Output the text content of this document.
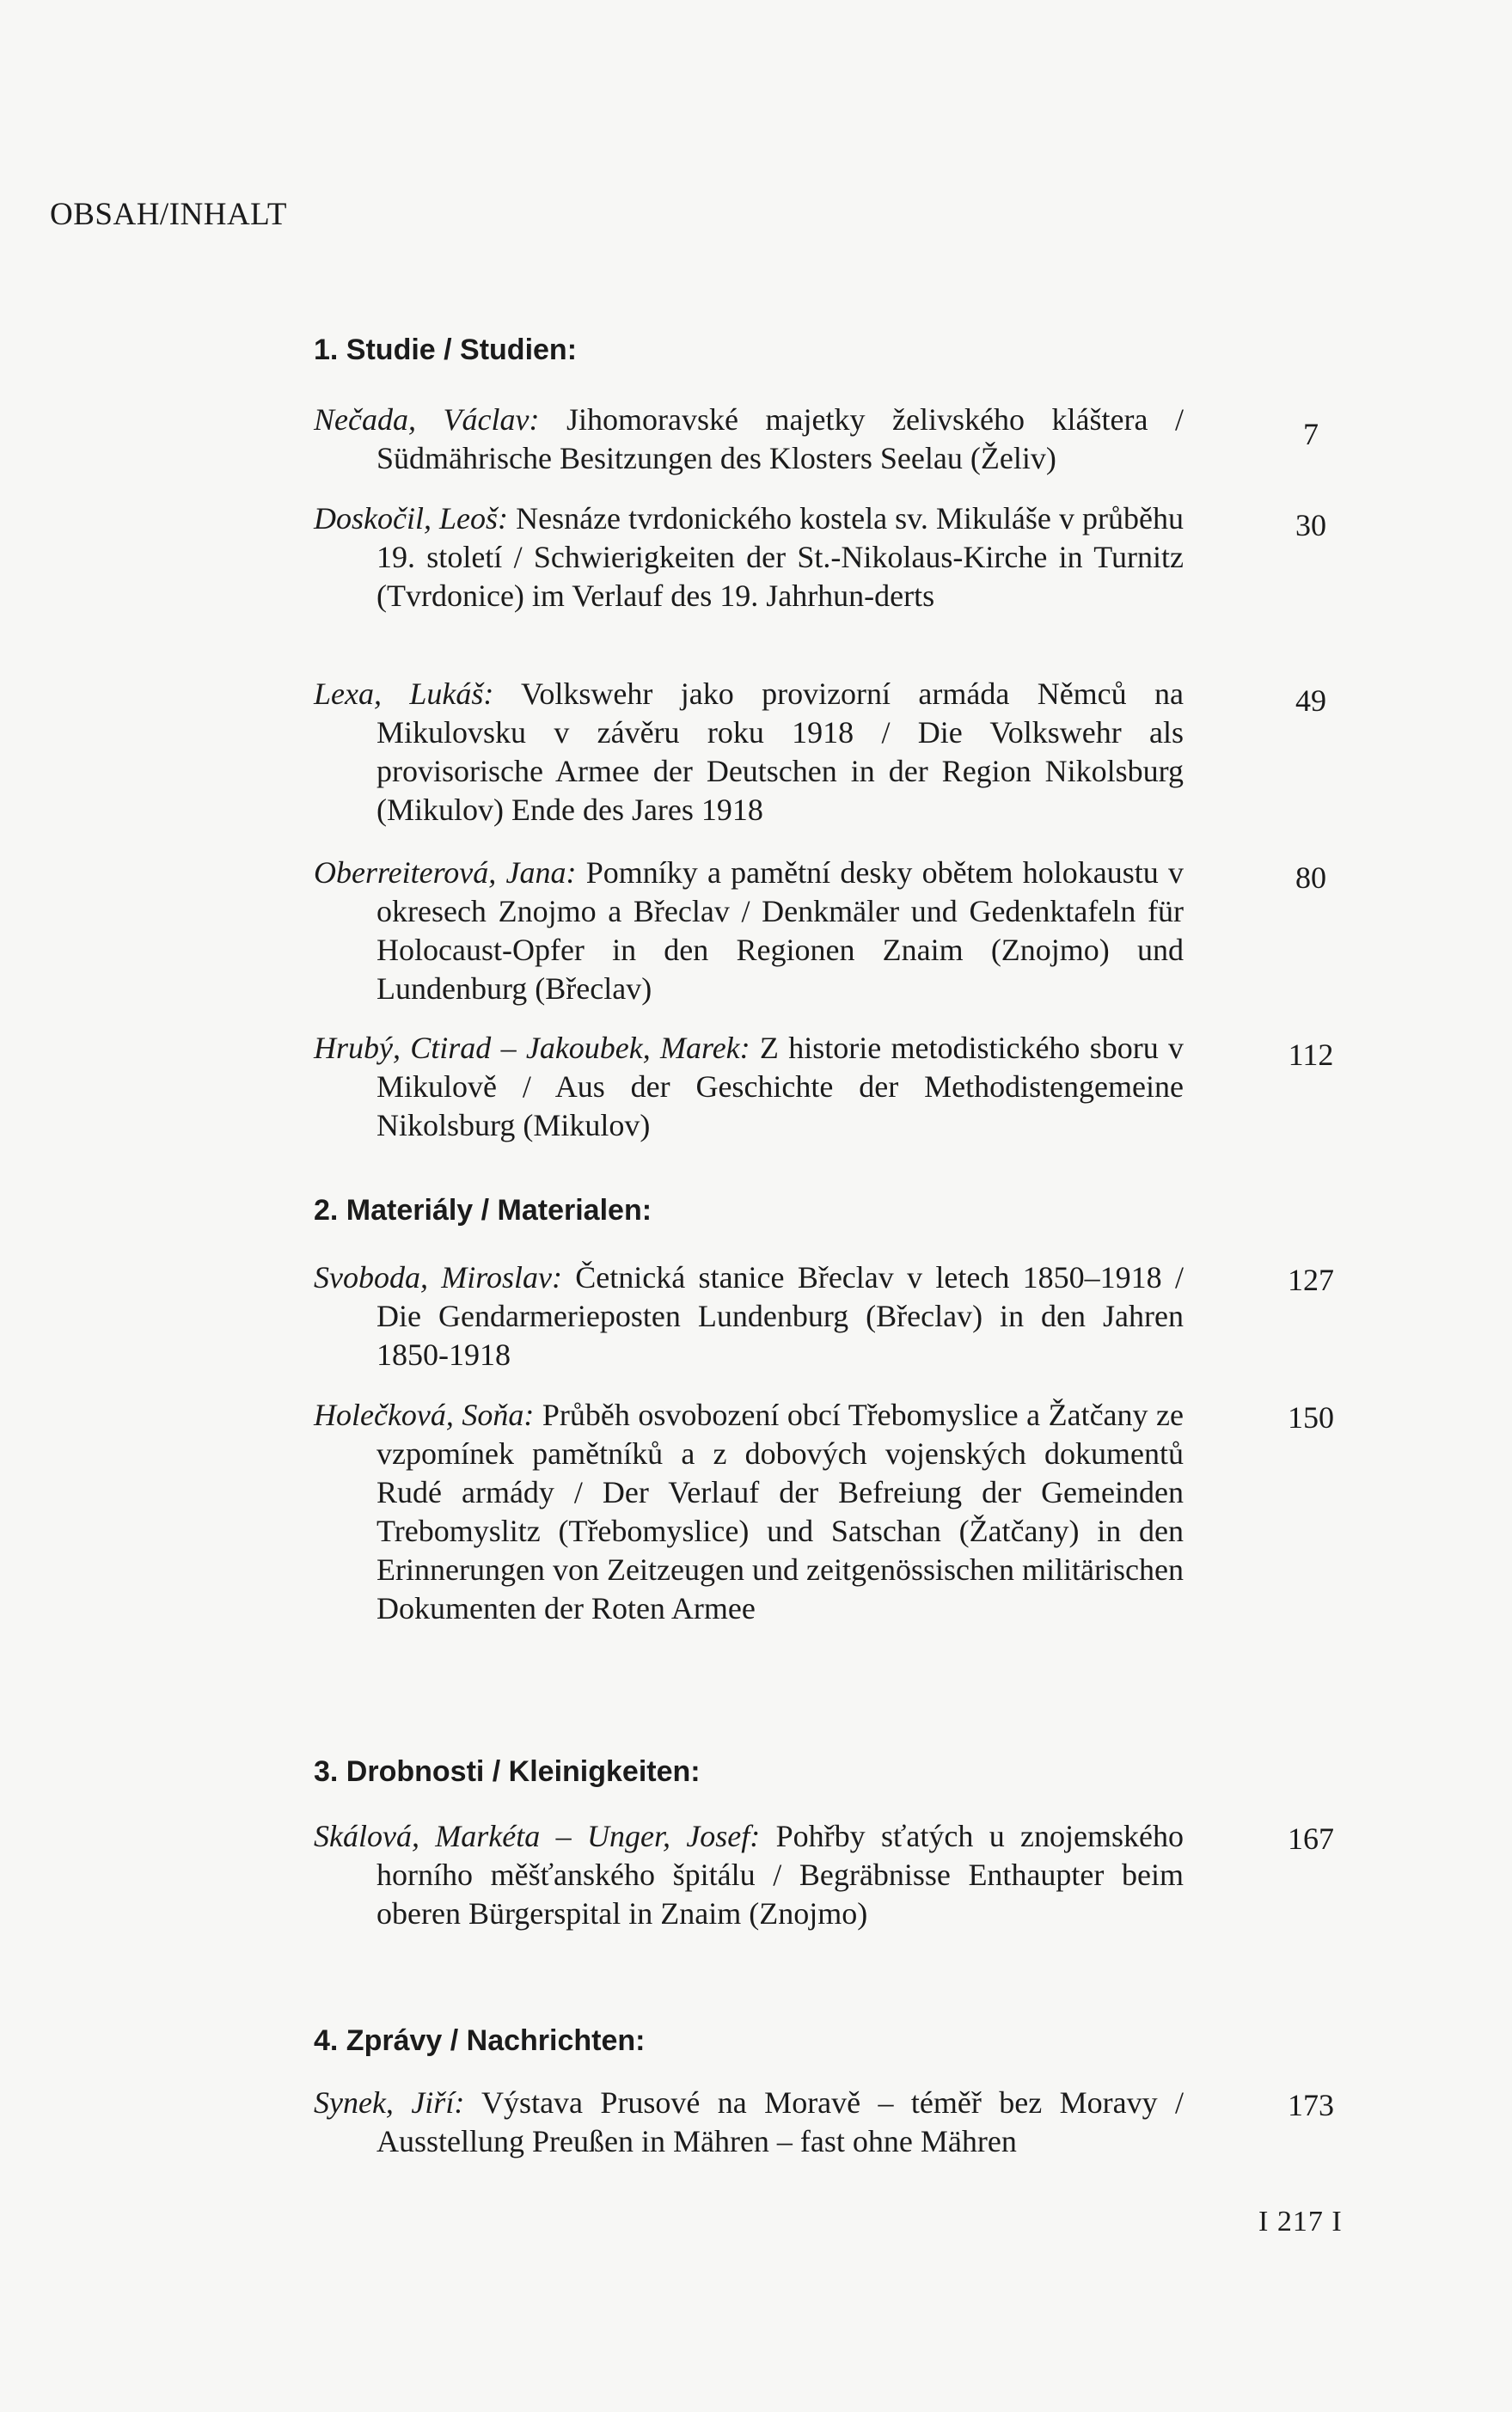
OBSAH/INHALT
1. Studie / Studien:
Nečada, Václav: Jihomoravské majetky želivského kláštera / Südmährische Besitzungen des Klosters Seelau (Želiv)
7
Doskočil, Leoš: Nesnáze tvrdonického kostela sv. Mikuláše v průběhu 19. století / Schwierigkeiten der St.-Nikolaus-Kirche in Turnitz (Tvrdonice) im Verlauf des 19. Jahrhun-derts
30
Lexa, Lukáš: Volkswehr jako provizorní armáda Němců na Mikulovsku v závěru roku 1918 / Die Volkswehr als provisorische Armee der Deutschen in der Region Nikolsburg (Mikulov) Ende des Jares 1918
49
Oberreiterová, Jana: Pomníky a pamětní desky obětem holokaustu v okresech Znojmo a Břeclav / Denkmäler und Gedenktafeln für Holocaust-Opfer in den Regionen Znaim (Znojmo) und Lundenburg (Břeclav)
80
Hrubý, Ctirad – Jakoubek, Marek: Z historie metodistického sboru v Mikulově / Aus der Geschichte der Methodistengemeine Nikolsburg (Mikulov)
112
2. Materiály / Materialen:
Svoboda, Miroslav: Četnická stanice Břeclav v letech 1850–1918 / Die Gendarmerieposten Lundenburg (Břeclav) in den Jahren 1850-1918
127
Holečková, Soňa: Průběh osvobození obcí Třebomyslice a Žatčany ze vzpomínek pamětníků a z dobových vojenských dokumentů Rudé armády / Der Verlauf der Befreiung der Gemeinden Trebomyslitz (Třebomyslice) und Satschan (Žatčany) in den Erinnerungen von Zeitzeugen und zeitgenössischen militärischen Dokumenten der Roten Armee
150
3. Drobnosti / Kleinigkeiten:
Skálová, Markéta – Unger, Josef: Pohřby sťatých u znojemského horního měšťanského špitálu / Begräbnisse Enthaupter beim oberen Bürgerspital in Znaim (Znojmo)
167
4. Zprávy / Nachrichten:
Synek, Jiří: Výstava Prusové na Moravě – téměř bez Moravy / Ausstellung Preußen in Mähren – fast ohne Mähren
173
I 217 I
